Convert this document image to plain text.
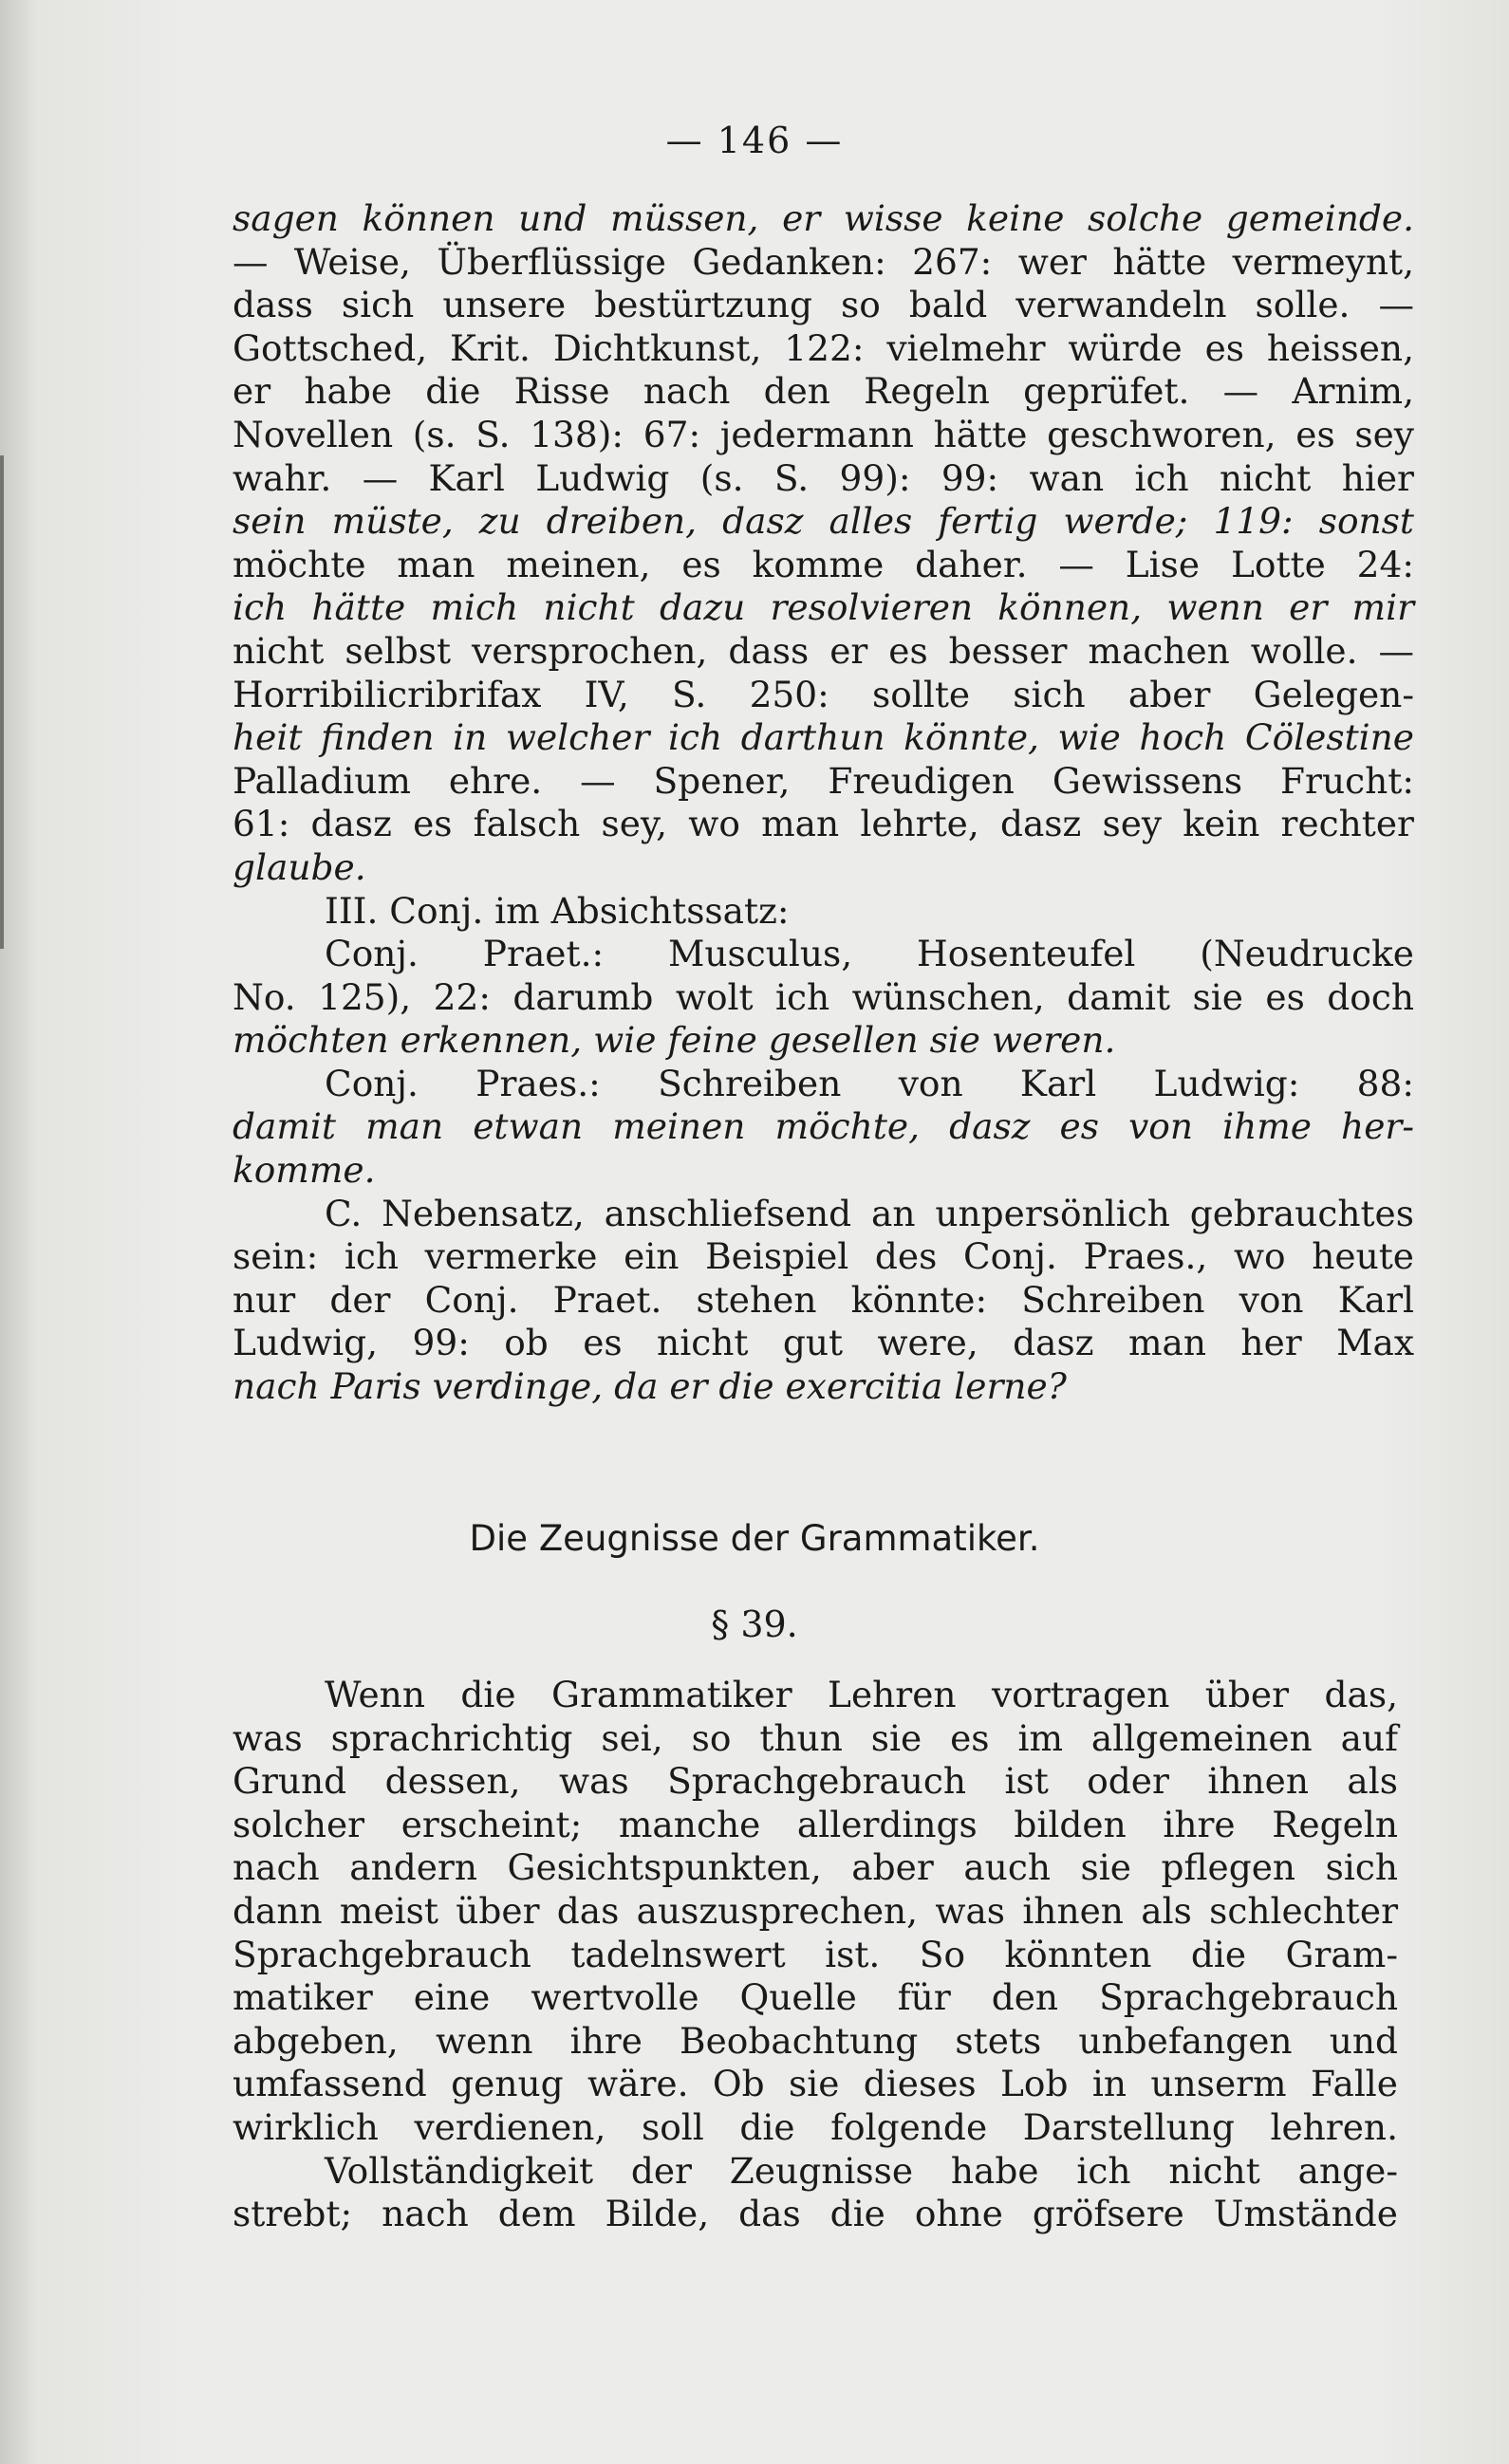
— 146 —
sagen können und müssen, er wisse keine solche gemeinde.
— Weise, Überflüssige Gedanken: 267: wer hätte vermeynt,
dass sich unsere bestürtzung so bald verwandeln solle. —
Gottsched, Krit. Dichtkunst, 122: vielmehr würde es heissen,
er habe die Risse nach den Regeln geprüfet. — Arnim,
Novellen (s. S. 138): 67: jedermann hätte geschworen, es sey
wahr. — Karl Ludwig (s. S. 99): 99: wan ich nicht hier
sein müste, zu dreiben, dasz alles fertig werde; 119: sonst
möchte man meinen, es komme daher. — Lise Lotte 24:
ich hätte mich nicht dazu resolvieren können, wenn er mir
nicht selbst versprochen, dass er es besser machen wolle. —
Horribilicribrifax IV, S. 250: sollte sich aber Gelegen-
heit finden in welcher ich darthun könnte, wie hoch Cölestine
Palladium ehre. — Spener, Freudigen Gewissens Frucht:
61: dasz es falsch sey, wo man lehrte, dasz sey kein rechter
glaube.
III. Conj. im Absichtssatz:
Conj. Praet.: Musculus, Hosenteufel (Neudrucke
No. 125), 22: darumb wolt ich wünschen, damit sie es doch
möchten erkennen, wie feine gesellen sie weren.
Conj. Praes.: Schreiben von Karl Ludwig: 88:
damit man etwan meinen möchte, dasz es von ihme her-
komme.
C. Nebensatz, anschliefsend an unpersönlich gebrauchtes
sein: ich vermerke ein Beispiel des Conj. Praes., wo heute
nur der Conj. Praet. stehen könnte: Schreiben von Karl
Ludwig, 99: ob es nicht gut were, dasz man her Max
nach Paris verdinge, da er die exercitia lerne?
Die Zeugnisse der Grammatiker.
§ 39.
Wenn die Grammatiker Lehren vortragen über das,
was sprachrichtig sei, so thun sie es im allgemeinen auf
Grund dessen, was Sprachgebrauch ist oder ihnen als
solcher erscheint; manche allerdings bilden ihre Regeln
nach andern Gesichtspunkten, aber auch sie pflegen sich
dann meist über das auszusprechen, was ihnen als schlechter
Sprachgebrauch tadelnswert ist. So könnten die Gram-
matiker eine wertvolle Quelle für den Sprachgebrauch
abgeben, wenn ihre Beobachtung stets unbefangen und
umfassend genug wäre. Ob sie dieses Lob in unserm Falle
wirklich verdienen, soll die folgende Darstellung lehren.
Vollständigkeit der Zeugnisse habe ich nicht ange-
strebt; nach dem Bilde, das die ohne gröfsere Umstände
